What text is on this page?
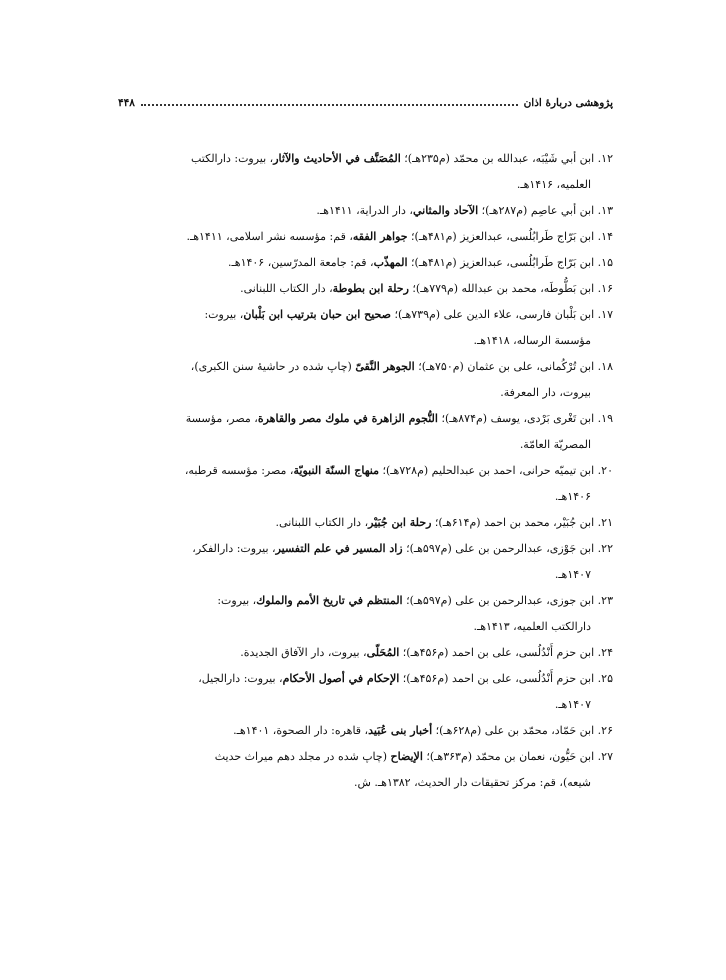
پژوهشی دربارهٔ اذان
۴۴۸

۱۲. ابن أبي شَيْبَه، عبدالله بن محمّد (م۲۳۵هـ)؛ المُصَنَّف في الأحاديث والآثار، بيروت: دارالكتب
العلميه، ۱۴۱۶هـ.

۱۳. ابن أبي عاصِم (م۲۸۷هـ)؛ الآحاد والمثاني، دار الدراية، ۱۴۱۱هـ.

۱۴. ابن بَرّاج طَرابُلُسی، عبدالعزیز (م۴۸۱هـ)؛ جواهر الفقه، قم: مؤسسه نشر اسلامی، ۱۴۱۱هـ.

۱۵. ابن بَرّاج طَرابُلُسی، عبدالعزیز (م۴۸۱هـ)؛ المهذّب، قم: جامعة المدرّسين، ۱۴۰۶هـ.

۱۶. ابن بَطُّوطَه، محمد بن عبدالله (م۷۷۹هـ)؛ رحلة ابن بطوطة، دار الكتاب اللبنانی.

۱۷. ابن بَلْبان فارسی، علاء الدين علی (م۷۳۹هـ)؛ صحيح ابن حبان بترتيب ابن بَلْبان، بيروت:
مؤسسة الرساله، ۱۴۱۸هـ.

۱۸. ابن تُرْكُمانی، علی بن عثمان (م۷۵۰هـ)؛ الجوهر النَّقیّ (چاپ شده در حاشيهٔ سنن الكبرى)،
بيروت، دار المعرفة.

۱۹. ابن تَغْری بَرْدی، يوسف (م۸۷۴هـ)؛ النُّجوم الزاهرة في ملوك مصر والقاهرة، مصر، مؤسسة
المصريّة العامّة.

۲۰. ابن تيميّه حرانی، احمد بن عبدالحليم (م۷۲۸هـ)؛ منهاج السنّة النبويّة، مصر: مؤسسه قرطبه،
۱۴۰۶هـ.

۲۱. ابن جُبَيْر، محمد بن احمد (م۶۱۴هـ)؛ رحلة ابن جُبَيْر، دار الكتاب اللبنانی.

۲۲. ابن جَوْزی، عبدالرحمن بن علی (م۵۹۷هـ)؛ زاد المسير في علم التفسير، بيروت: دارالفكر،
۱۴۰۷هـ.

۲۳. ابن جوزی، عبدالرحمن بن علی (م۵۹۷هـ)؛ المنتظم في تاريخ الأمم والملوك، بيروت:
دارالكتب العلميه، ۱۴۱۳هـ.

۲۴. ابن حزم أَنْدُلُسی، علی بن احمد (م۴۵۶هـ)؛ المُحَلّى، بيروت، دار الآفاق الجديدة.

۲۵. ابن حزم أَنْدُلُسی، علی بن احمد (م۴۵۶هـ)؛ الإحكام في أصول الأحكام، بيروت: دارالجيل،
۱۴۰۷هـ.

۲۶. ابن حَمّاد، محمّد بن علی (م۶۲۸هـ)؛ أخبار بنی عُبَيد، قاهره: دار الصحوة، ۱۴۰۱هـ.

۲۷. ابن حَيُّون، نعمان بن محمّد (م۳۶۳هـ)؛ الإيضاح (چاپ شده در مجلد دهم ميراث حديث
شيعه)، قم: مركز تحقيقات دار الحديث، ۱۳۸۲هـ. ش.
